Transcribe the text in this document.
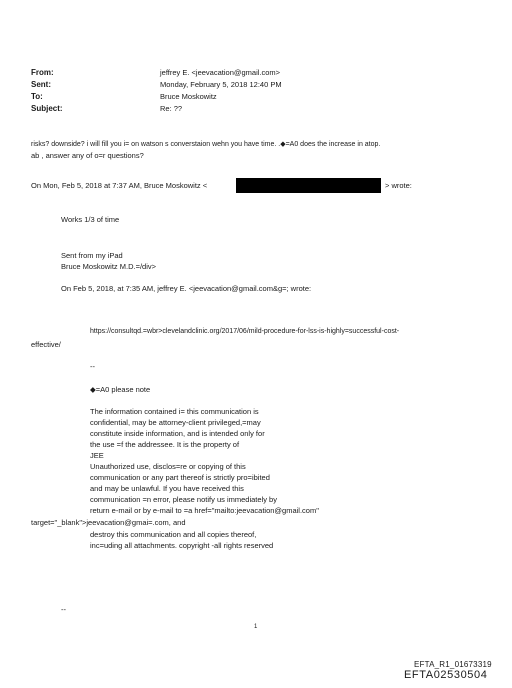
From:	jeffrey E. <jeevacation@gmail.com>
Sent:	Monday, February 5, 2018 12:40 PM
To:	Bruce Moskowitz
Subject:	Re: ??
risks? downside? i will fill you i= on watson s converstaion wehn you have time. .◆=A0 does the increase in atop.
ab , answer any of o=r questions?
On Mon, Feb 5, 2018 at 7:37 AM, Bruce Moskowitz <	> wrote:
Works 1/3 of time
Sent from my iPad
Bruce Moskowitz M.D.=/div>
On Feb 5, 2018, at 7:35 AM, jeffrey E. <jeevacation@gmail.com&g=; wrote:
https://consultqd.=wbr>clevelandclinic.org/2017/06/mild-procedure-for-lss-is-highly=successful-cost-
effective/
--
◆=A0 please note
The information contained i= this communication is
confidential, may be attorney-client privileged,=may
constitute inside information, and is intended only for
the use =f the addressee. It is the property of
JEE
Unauthorized use, disclos=re or copying of this
communication or any part thereof is strictly pro=ibited
and may be unlawful. If you have received this
communication =n error, please notify us immediately by
return e-mail or by e-mail to =a href="mailto:jeevacation@gmail.com"
target="_blank">jeevacation@gmai=.com, and
destroy this communication and all copies thereof,
inc=uding all attachments. copyright -all rights reserved
--
1
EFTA_R1_01673319
EFTA02530504
